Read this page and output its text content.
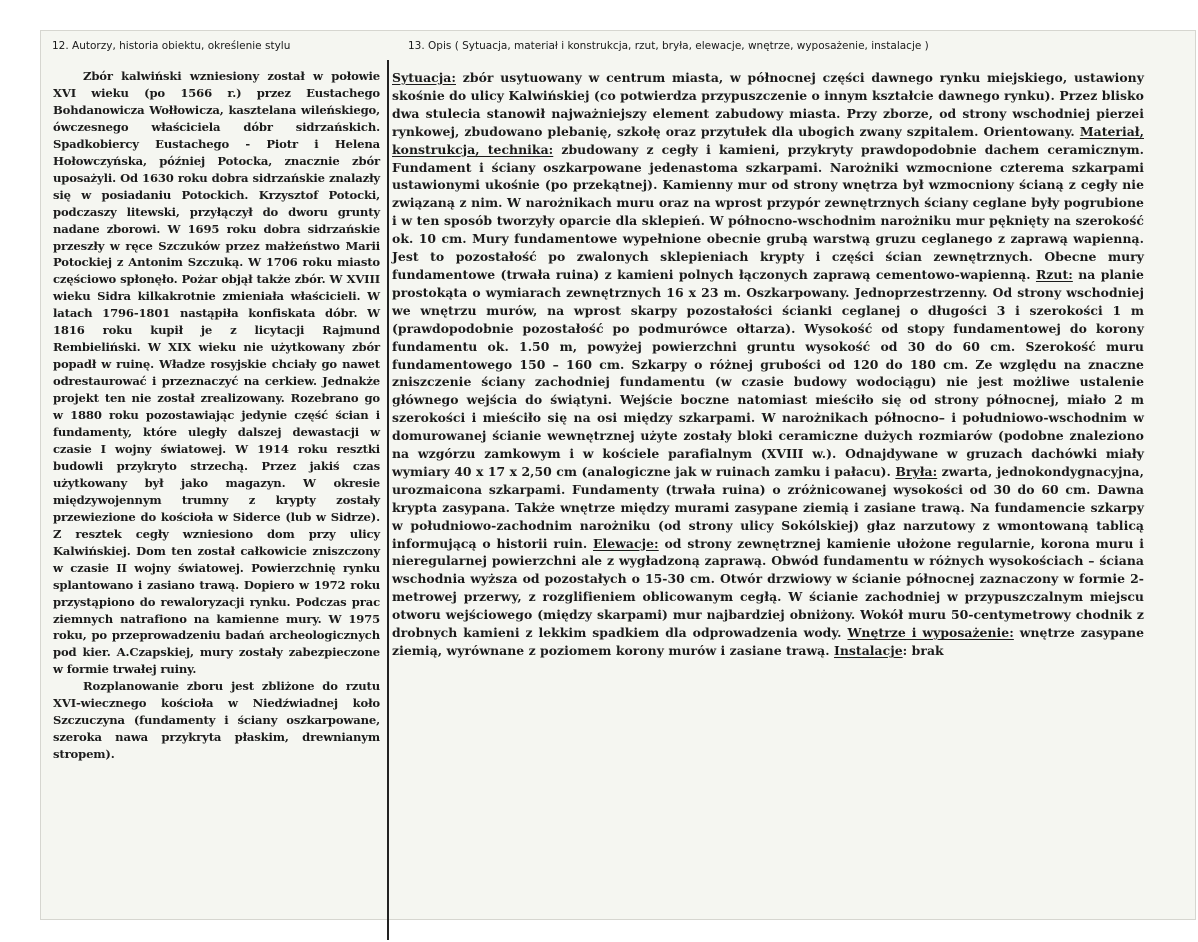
12. Autorzy, historia obiektu, określenie stylu	13. Opis ( Sytuacja, materiał i konstrukcja, rzut, bryła, elewacje, wnętrze, wyposażenie, instalacje )

Zbór kalwiński wzniesiony został w połowie XVI wieku (po 1566 r.) przez Eustachego Bohdanowicza Wołłowicza, kasztelana wileńskiego, ówczesnego właściciela dóbr sidrzańskich. Spadkobiercy Eustachego - Piotr i Helena Hołowczyńska, później Potocka, znacznie zbór uposażyli. Od 1630 roku dobra sidrzańskie znalazły się w posiadaniu Potockich. Krzysztof Potocki, podczaszy litewski, przyłączył do dworu grunty nadane zborowi. W 1695 roku dobra sidrzańskie przeszły w ręce Szczuków przez małżeństwo Marii Potockiej z Antonim Szczuką. W 1706 roku miasto częściowo spłonęło. Pożar objął także zbór. W XVIII wieku Sidra kilkakrotnie zmieniała właścicieli. W latach 1796-1801 nastąpiła konfiskata dóbr. W 1816 roku kupił je z licytacji Rajmund Rembieliński. W XIX wieku nie użytkowany zbór popadł w ruinę. Władze rosyjskie chciały go nawet odrestaurować i przeznaczyć na cerkiew. Jednakże projekt ten nie został zrealizowany. Rozebrano go w 1880 roku pozostawiając jedynie część ścian i fundamenty, które uległy dalszej dewastacji w czasie I wojny światowej. W 1914 roku resztki budowli przykryto strzechą. Przez jakiś czas użytkowany był jako magazyn. W okresie międzywojennym trumny z krypty zostały przewiezione do kościoła w Siderce (lub w Sidrze). Z resztek cegły wzniesiono dom przy ulicy Kalwińskiej. Dom ten został całkowicie zniszczony w czasie II wojny światowej. Powierzchnię rynku splantowano i zasiano trawą. Dopiero w 1972 roku przystąpiono do rewaloryzacji rynku. Podczas prac ziemnych natrafiono na kamienne mury. W 1975 roku, po przeprowadzeniu badań archeologicznych pod kier. A.Czapskiej, mury zostały zabezpieczone w formie trwałej ruiny.

Rozplanowanie zboru jest zbliżone do rzutu XVI-wiecznego kościoła w Niedźwiadnej koło Szczuczyna (fundamenty i ściany oszkarpowane, szeroka nawa przykryta płaskim, drewnianym stropem).

Sytuacja: zbór usytuowany w centrum miasta, w północnej części dawnego rynku miejskiego, ustawiony skośnie do ulicy Kalwińskiej (co potwierdza przypuszczenie o innym kształcie dawnego rynku). Przez blisko dwa stulecia stanowił najważniejszy element zabudowy miasta. Przy zborze, od strony wschodniej pierzei rynkowej, zbudowano plebanię, szkołę oraz przytułek dla ubogich zwany szpitalem. Orientowany. Materiał, konstrukcja, technika: zbudowany z cegły i kamieni, przykryty prawdopodobnie dachem ceramicznym. Fundament i ściany oszkarpowane jedenastoma szkarpami. Narożniki wzmocnione czterema szkarpami ustawionymi ukośnie (po przekątnej). Kamienny mur od strony wnętrza był wzmocniony ścianą z cegły nie związaną z nim. W narożnikach muru oraz na wprost przypór zewnętrznych ściany ceglane były pogrubione i w ten sposób tworzyły oparcie dla sklepień. W północno-wschodnim narożniku mur pęknięty na szerokość ok. 10 cm. Mury fundamentowe wypełnione obecnie grubą warstwą gruzu ceglanego z zaprawą wapienną. Jest to pozostałość po zwalonych sklepieniach krypty i części ścian zewnętrznych. Obecne mury fundamentowe (trwała ruina) z kamieni polnych łączonych zaprawą cementowo-wapienną. Rzut: na planie prostokąta o wymiarach zewnętrznych 16 x 23 m. Oszkarpowany. Jednoprzestrzenny. Od strony wschodniej we wnętrzu murów, na wprost skarpy pozostałości ściankі ceglanej o długości 3 i szerokości 1 m (prawdopodobnie pozostałość po podmurówce ołtarza). Wysokość od stopy fundamentowej do korony fundamentu ok. 1.50 m, powyżej powierzchni gruntu wysokość od 30 do 60 cm. Szerokość muru fundamentowego 150 – 160 cm. Szkarpy o różnej grubości od 120 do 180 cm. Ze względu na znaczne zniszczenie ściany zachodniej fundamentu (w czasie budowy wodociągu) nie jest możliwe ustalenie głównego wejścia do świątyni. Wejście boczne natomiast mieściło się od strony północnej, miało 2 m szerokości i mieściło się na osi między szkarpami. W narożnikach północno– i południowo-wschodnim w domurowanej ścianie wewnętrznej użyte zostały bloki ceramiczne dużych rozmiarów (podobne znaleziono na wzgórzu zamkowym i w kościele parafialnym (XVIII w.). Odnajdywane w gruzach dachówki miały wymiary 40 x 17 x 2,50 cm (analogiczne jak w ruinach zamku i pałacu). Bryła: zwarta, jednokondygnacyjna, urozmaicona szkarpami. Fundamenty (trwała ruina) o zróżnicowanej wysokości od 30 do 60 cm. Dawna krypta zasypana. Także wnętrze między murami zasypane ziemią i zasiane trawą. Na fundamencie szkarpy w południowo-zachodnim narożniku (od strony ulicy Sokólskiej) głaz narzutowy z wmontowaną tablicą informującą o historii ruin. Elewacje: od strony zewnętrznej kamienie ułożone regularnie, korona muru i nieregularnej powierzchni ale z wygładzoną zaprawą. Obwód fundamentu w różnych wysokościach – ściana wschodnia wyższa od pozostałych o 15-30 cm. Otwór drzwiowy w ścianie północnej zaznaczony w formie 2-metrowej przerwy, z rozglifieniem oblicowanym cegłą. W ścianie zachodniej w przypuszczalnym miejscu otworu wejściowego (między skarpami) mur najbardziej obniżony. Wokół muru 50-centymetrowy chodnik z drobnych kamieni z lekkim spadkiem dla odprowadzenia wody. Wnętrze i wyposażenie: wnętrze zasypane ziemią, wyrównane z poziomem korony murów i zasiane trawą. Instalacje: brak
